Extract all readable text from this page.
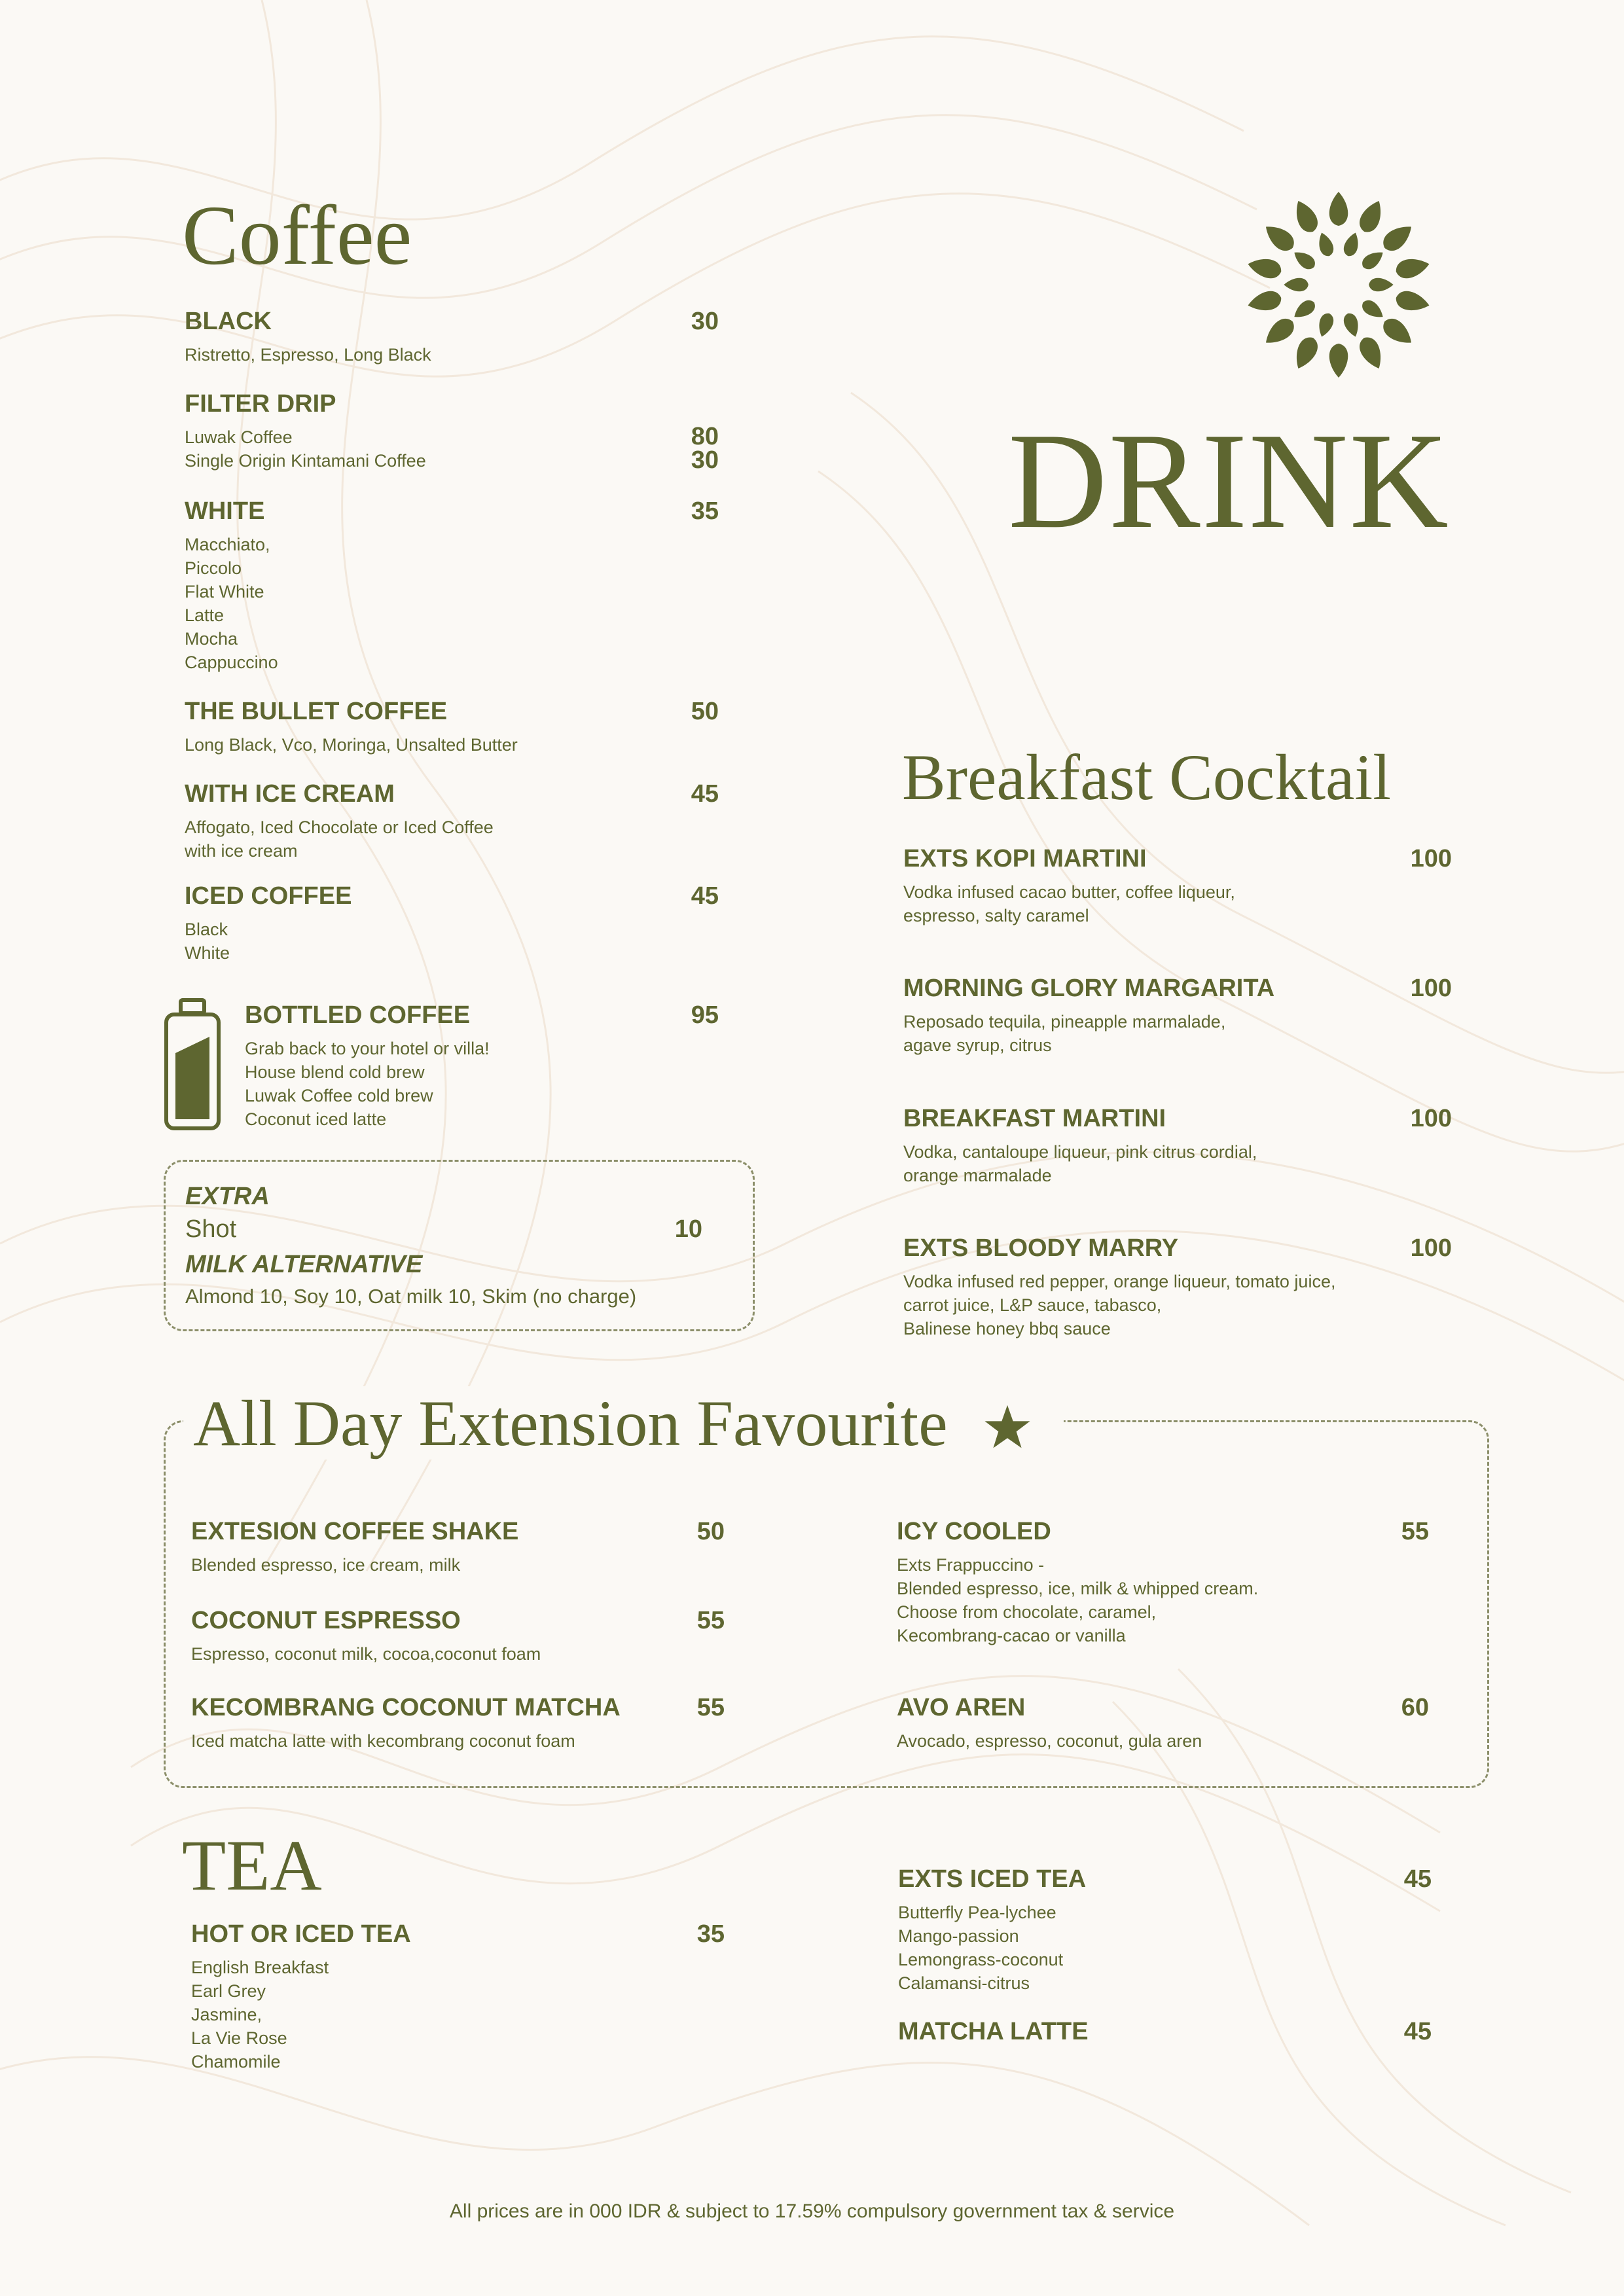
Coffee
BLACK
Ristretto, Espresso, Long Black
30
FILTER DRIP
Luwak Coffee
Single Origin Kintamani Coffee
80
30
WHITE
Macchiato,
Piccolo
Flat White
Latte
Mocha
Cappuccino
35
THE BULLET COFFEE
Long Black, Vco, Moringa, Unsalted Butter
50
WITH ICE CREAM
Affogato, Iced Chocolate or Iced Coffee
with ice cream
45
ICED COFFEE
Black
White
45
BOTTLED COFFEE
Grab back to your hotel or villa!
House blend cold brew
Luwak Coffee cold brew
Coconut iced latte
95
EXTRA
Shot	10
MILK ALTERNATIVE
Almond 10, Soy 10, Oat milk 10, Skim (no charge)
DRINK
Breakfast Cocktail
EXTS KOPI MARTINI
Vodka infused cacao butter, coffee liqueur,
espresso, salty caramel
100
MORNING GLORY MARGARITA
Reposado tequila, pineapple marmalade,
agave syrup, citrus
100
BREAKFAST MARTINI
Vodka, cantaloupe liqueur, pink citrus cordial,
orange marmalade
100
EXTS BLOODY MARRY
Vodka infused red pepper, orange liqueur, tomato juice,
carrot juice, L&P sauce, tabasco,
Balinese honey bbq sauce
100
All Day Extension Favourite
EXTESION COFFEE SHAKE
Blended espresso, ice cream, milk
50
COCONUT ESPRESSO
Espresso, coconut milk, cocoa,coconut foam
55
KECOMBRANG COCONUT MATCHA
Iced matcha latte with kecombrang coconut foam
55
ICY COOLED
Exts Frappuccino -
Blended espresso, ice, milk & whipped cream.
Choose from chocolate, caramel,
Kecombrang-cacao or vanilla
55
AVO AREN
Avocado, espresso, coconut, gula aren
60
TEA
HOT OR ICED TEA
English Breakfast
Earl Grey
Jasmine,
La Vie Rose
Chamomile
35
EXTS ICED TEA
Butterfly Pea-lychee
Mango-passion
Lemongrass-coconut
Calamansi-citrus
45
MATCHA LATTE	45
All prices are in 000 IDR & subject to 17.59% compulsory government tax & service
